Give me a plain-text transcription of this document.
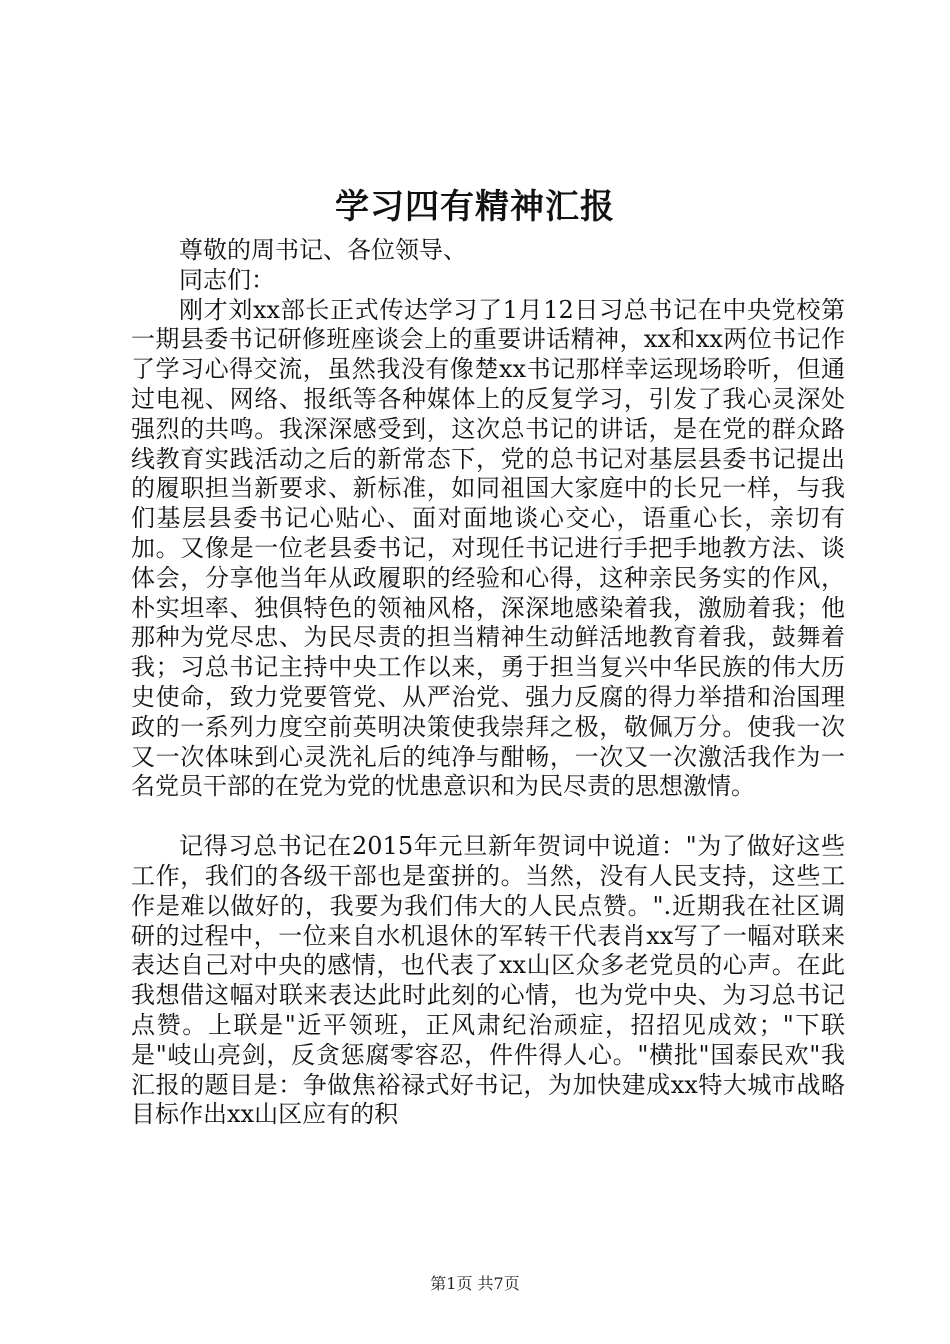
学习四有精神汇报

尊敬的周书记、各位领导、

同志们：

刚才刘xx部长正式传达学习了1月12日习总书记在中央党校第一期县委书记研修班座谈会上的重要讲话精神，xx和xx两位书记作了学习心得交流，虽然我没有像楚xx书记那样幸运现场聆听，但通过电视、网络、报纸等各种媒体上的反复学习，引发了我心灵深处强烈的共鸣。我深深感受到，这次总书记的讲话，是在党的群众路线教育实践活动之后的新常态下，党的总书记对基层县委书记提出的履职担当新要求、新标准，如同祖国大家庭中的长兄一样，与我们基层县委书记心贴心、面对面地谈心交心，语重心长，亲切有加。又像是一位老县委书记，对现任书记进行手把手地教方法、谈体会，分享他当年从政履职的经验和心得，这种亲民务实的作风，朴实坦率、独俱特色的领袖风格，深深地感染着我，激励着我；他那种为党尽忠、为民尽责的担当精神生动鲜活地教育着我，鼓舞着我；习总书记主持中央工作以来，勇于担当复兴中华民族的伟大历史使命，致力党要管党、从严治党、强力反腐的得力举措和治国理政的一系列力度空前英明决策使我崇拜之极，敬佩万分。使我一次又一次体味到心灵洗礼后的纯净与酣畅，一次又一次激活我作为一名党员干部的在党为党的忧患意识和为民尽责的思想激情。

记得习总书记在2015年元旦新年贺词中说道："为了做好这些工作，我们的各级干部也是蛮拼的。当然，没有人民支持，这些工作是难以做好的，我要为我们伟大的人民点赞。".近期我在社区调研的过程中，一位来自水机退休的军转干代表肖xx写了一幅对联来表达自己对中央的感情，也代表了xx山区众多老党员的心声。在此我想借这幅对联来表达此时此刻的心情，也为党中央、为习总书记点赞。上联是"近平领班，正风肃纪治顽症，招招见成效；"下联是"岐山亮剑，反贪惩腐零容忍，件件得人心。"横批"国泰民欢"我汇报的题目是：争做焦裕禄式好书记，为加快建成xx特大城市战略目标作出xx山区应有的积

第1页 共7页
